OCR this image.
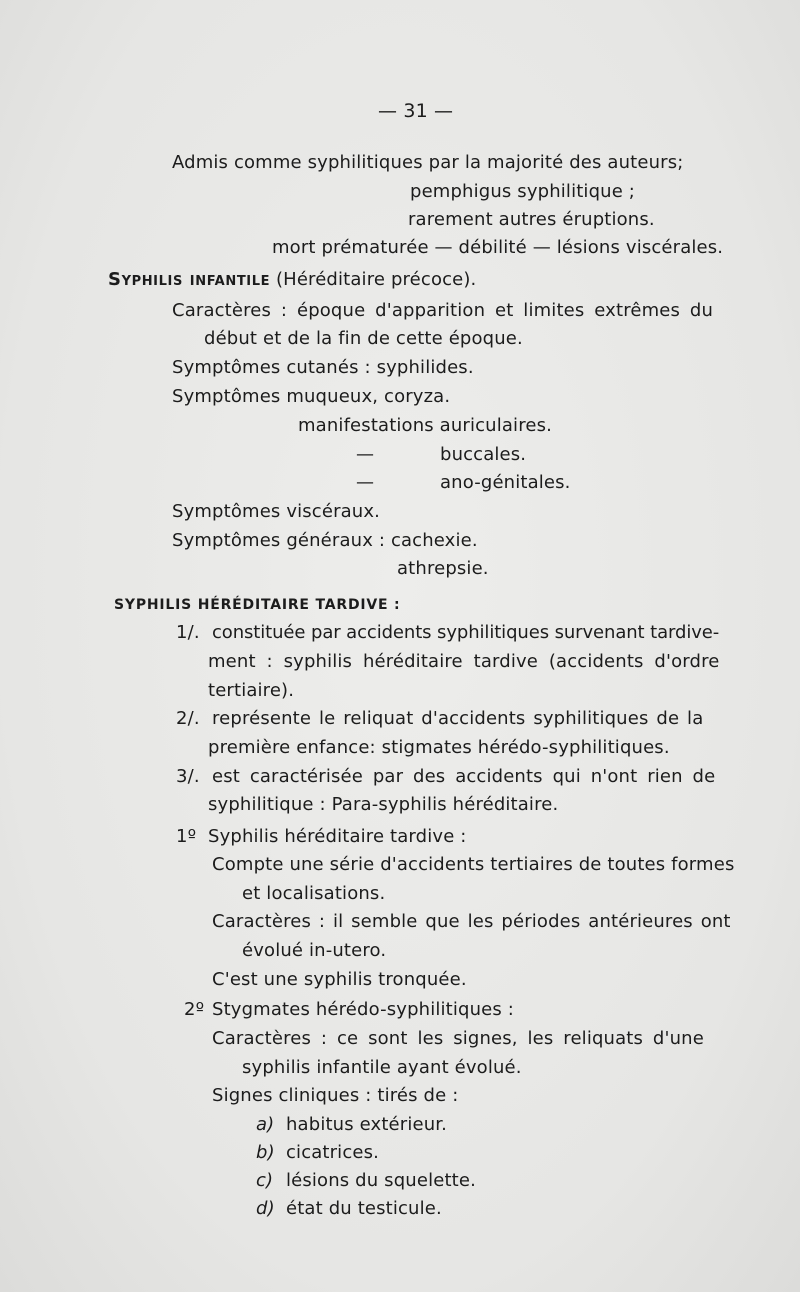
— 31 —
Admis comme syphilitiques par la majorité des auteurs;
pemphigus syphilitique ;
rarement autres éruptions.
mort prématurée — débilité — lésions viscérales.
Syphilis infantile (Héréditaire précoce).
Caractères : époque d'apparition et limites extrêmes du
début et de la fin de cette époque.
Symptômes cutanés : syphilides.
Symptômes muqueux, coryza.
manifestations auriculaires.
—	buccales.
—	ano-génitales.
Symptômes viscéraux.
Symptômes généraux : cachexie.
athrepsie.
SYPHILIS HÉRÉDITAIRE TARDIVE :
1/. constituée par accidents syphilitiques survenant tardive-
ment : syphilis héréditaire tardive (accidents d'ordre
tertiaire).
2/. représente le reliquat d'accidents syphilitiques de la
première enfance: stigmates hérédo-syphilitiques.
3/. est caractérisée par des accidents qui n'ont rien de
syphilitique : Para-syphilis héréditaire.
1º Syphilis héréditaire tardive :
Compte une série d'accidents tertiaires de toutes formes
et localisations.
Caractères : il semble que les périodes antérieures ont
évolué in-utero.
C'est une syphilis tronquée.
2º Stygmates hérédo-syphilitiques :
Caractères : ce sont les signes, les reliquats d'une
syphilis infantile ayant évolué.
Signes cliniques : tirés de :
a) habitus extérieur.
b) cicatrices.
c) lésions du squelette.
d) état du testicule.
